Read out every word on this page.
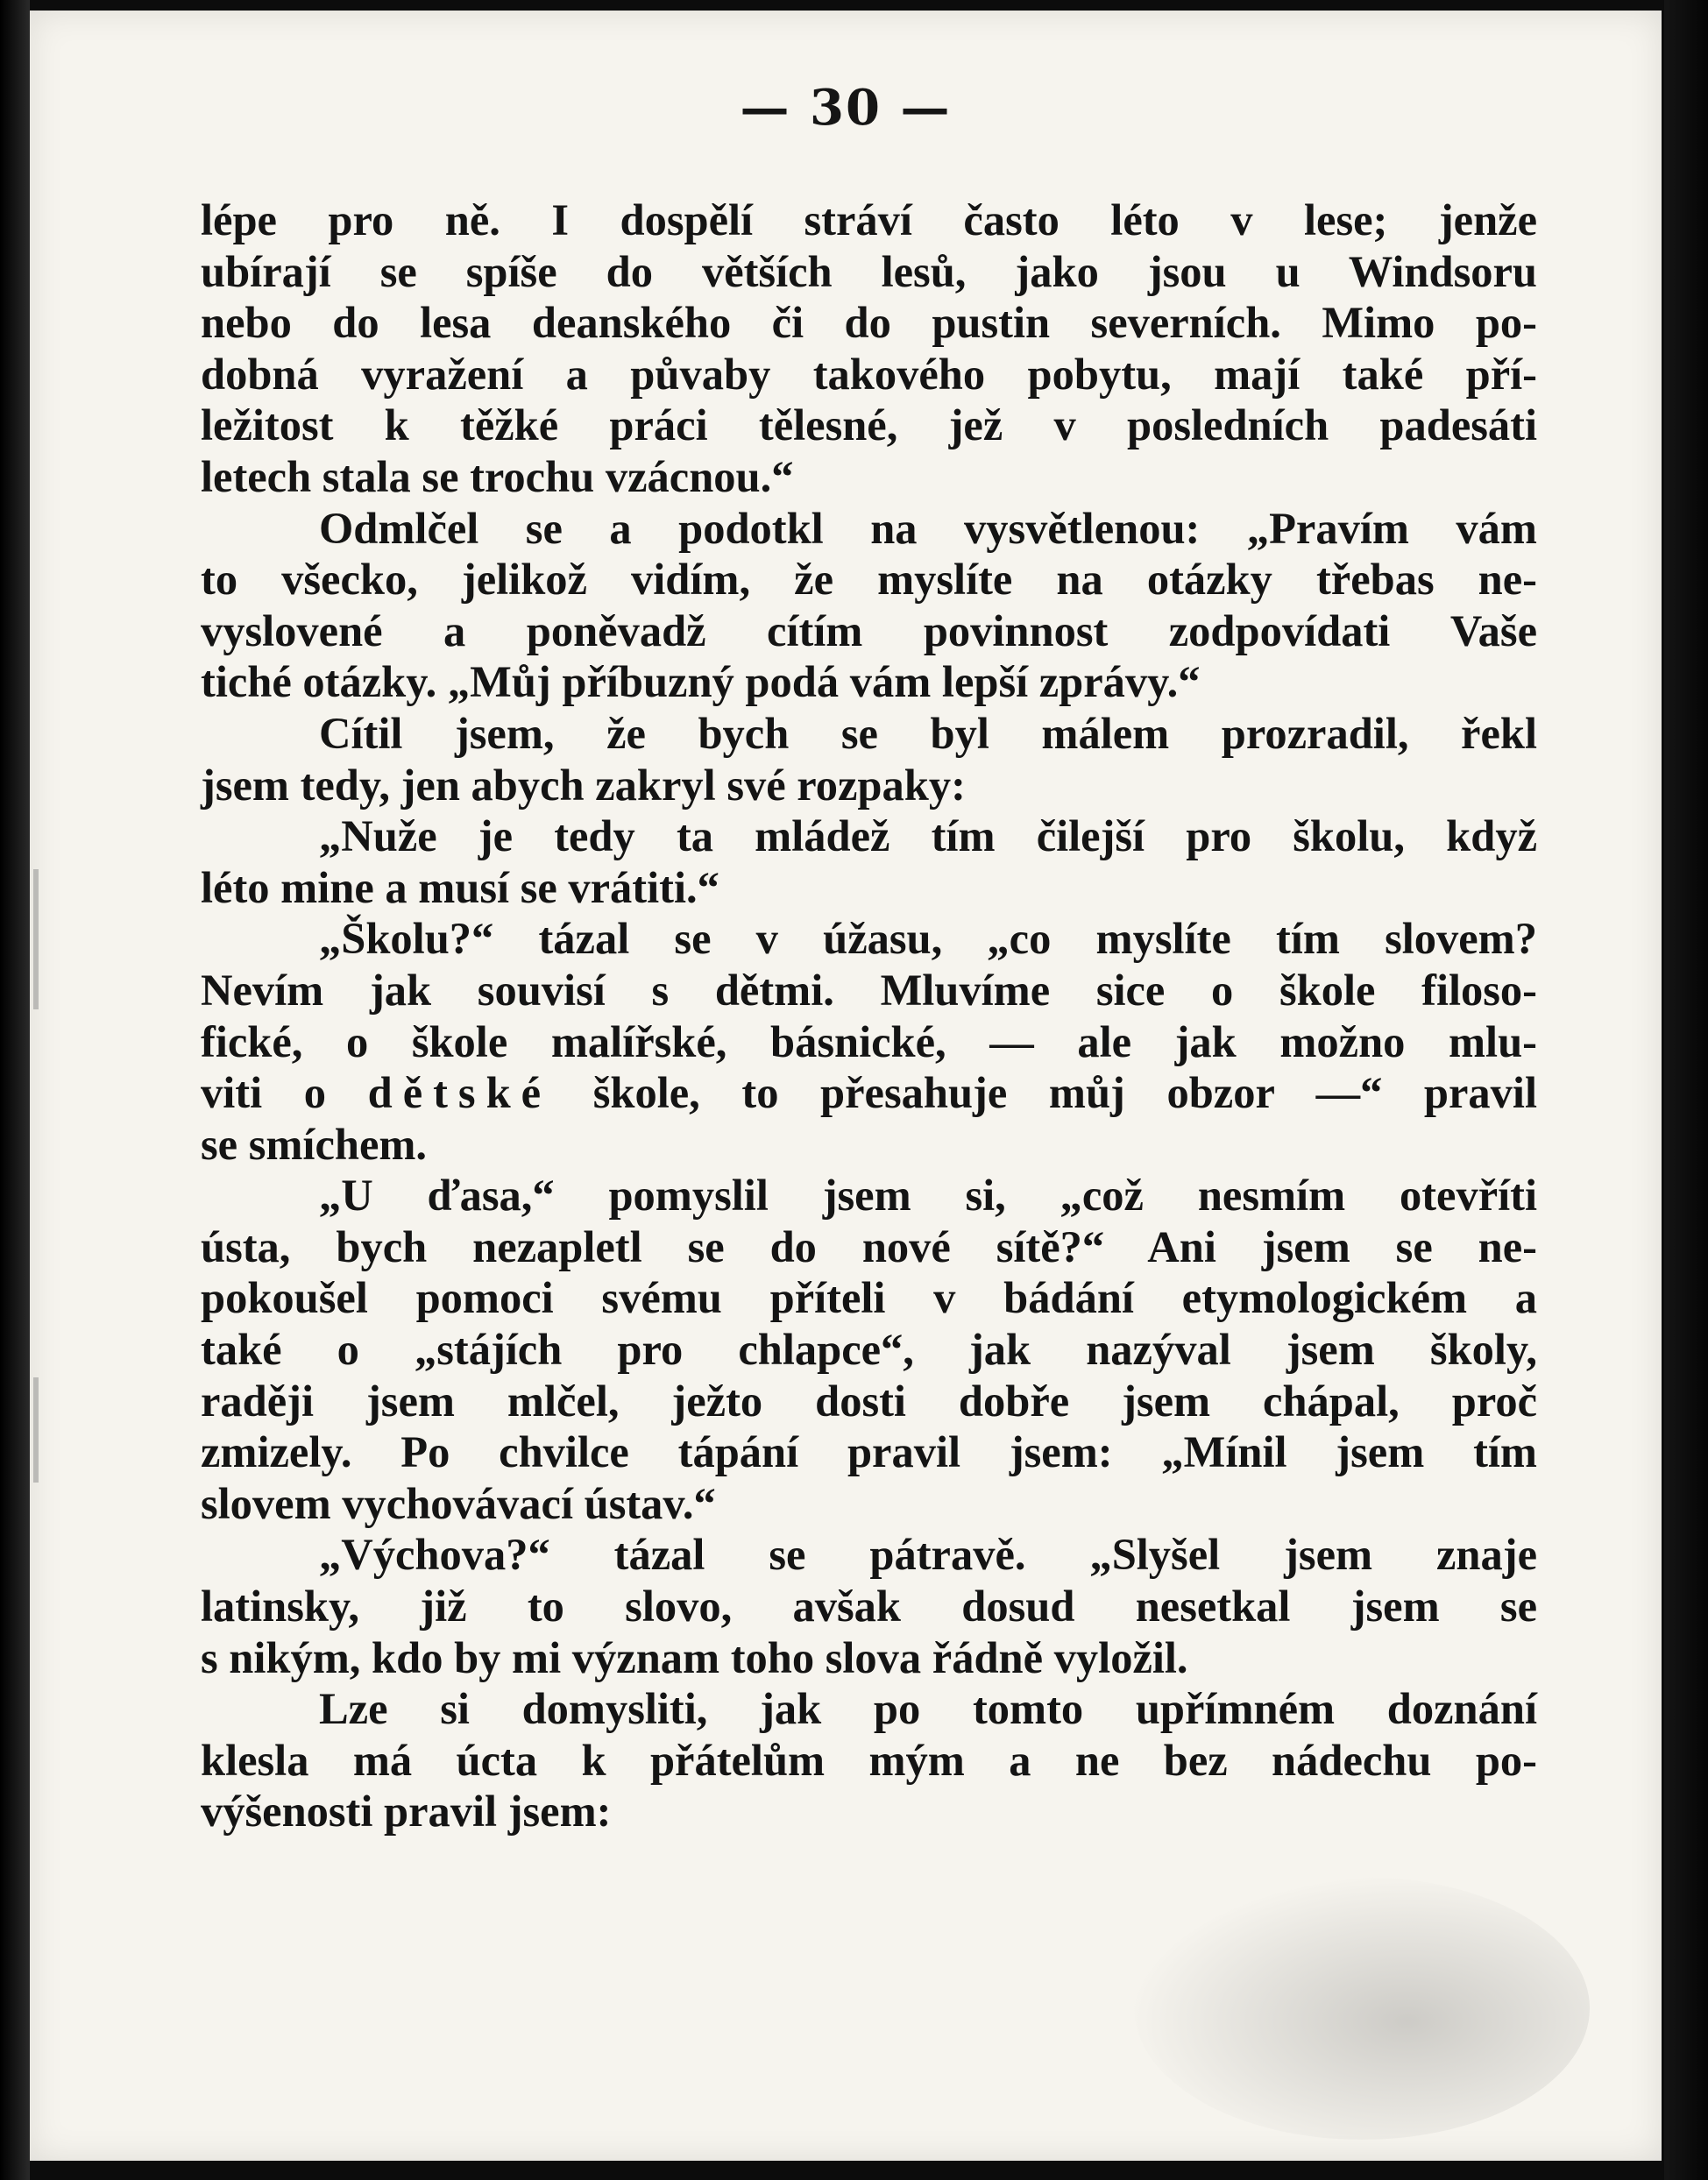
— 30 —
lépe pro ně. I dospělí stráví často léto v lese; jenže
ubírají se spíše do větších lesů, jako jsou u Windsoru
nebo do lesa deanského či do pustin severních. Mimo po-
dobná vyražení a půvaby takového pobytu, mají také pří-
ležitost k těžké práci tělesné, jež v posledních padesáti
letech stala se trochu vzácnou.“
Odmlčel se a podotkl na vysvětlenou: „Pravím vám
to všecko, jelikož vidím, že myslíte na otázky třebas ne-
vyslovené a poněvadž cítím povinnost zodpovídati Vaše
tiché otázky. „Můj příbuzný podá vám lepší zprávy.“
Cítil jsem, že bych se byl málem prozradil, řekl
jsem tedy, jen abych zakryl své rozpaky:
„Nuže je tedy ta mládež tím čilejší pro školu, když
léto mine a musí se vrátiti.“
„Školu?“ tázal se v úžasu, „co myslíte tím slovem?
Nevím jak souvisí s dětmi. Mluvíme sice o škole filoso-
fické, o škole malířské, básnické, — ale jak možno mlu-
viti o dětské škole, to přesahuje můj obzor —“ pravil
se smíchem.
„U ďasa,“ pomyslil jsem si, „což nesmím otevříti
ústa, bych nezapletl se do nové sítě?“ Ani jsem se ne-
pokoušel pomoci svému příteli v bádání etymologickém a
také o „stájích pro chlapce“, jak nazýval jsem školy,
raději jsem mlčel, ježto dosti dobře jsem chápal, proč
zmizely. Po chvilce tápání pravil jsem: „Mínil jsem tím
slovem vychovávací ústav.“
„Výchova?“ tázal se pátravě. „Slyšel jsem znaje
latinsky, již to slovo, avšak dosud nesetkal jsem se
s nikým, kdo by mi význam toho slova řádně vyložil.
Lze si domysliti, jak po tomto upřímném doznání
klesla má úcta k přátelům mým a ne bez nádechu po-
výšenosti pravil jsem:
